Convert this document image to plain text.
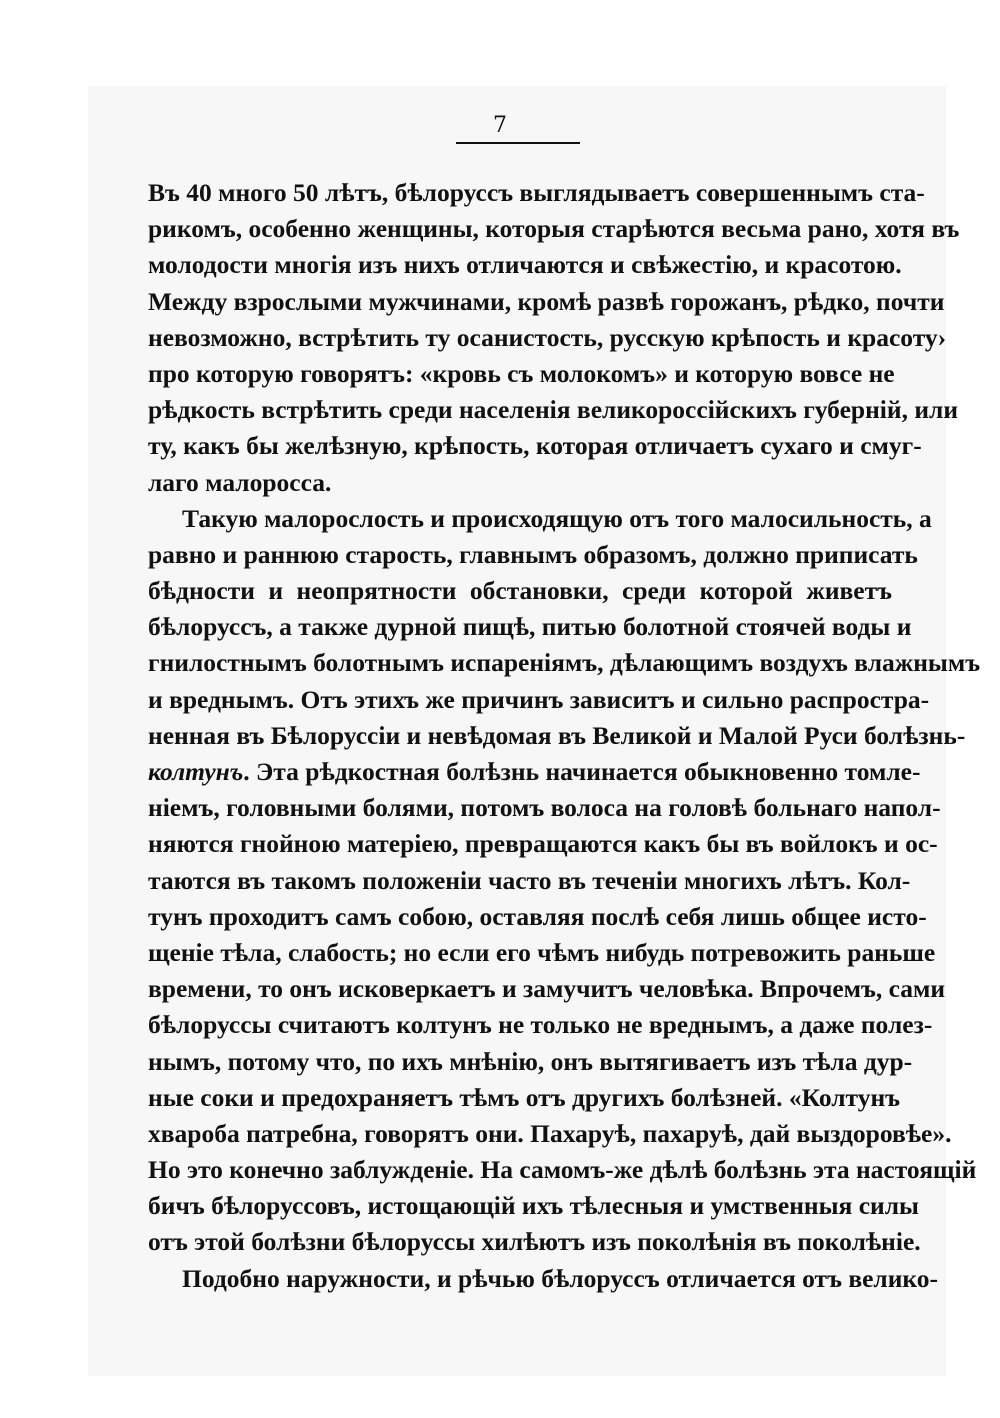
7
Въ 40 много 50 лѣтъ, бѣлоруссъ выглядываетъ совершеннымъ ста-
рикомъ, особенно женщины, которыя старѣются весьма рано, хотя въ
молодости многія изъ нихъ отличаются и свѣжестію, и красотою.
Между взрослыми мужчинами, кромѣ развѣ горожанъ, рѣдко, почти
невозможно, встрѣтить ту осанистость, русскую крѣпость и красоту›
про которую говорятъ: «кровь съ молокомъ» и которую вовсе не
рѣдкость встрѣтить среди населенія великороссійскихъ губерній, или
ту, какъ бы желѣзную, крѣпость, которая отличаетъ сухаго и смуг-
лаго малоросса.
Такую малорослость и происходящую отъ того малосильность, а
равно и раннюю старость, главнымъ образомъ, должно приписать
бѣдности и неопрятности обстановки, среди которой живетъ
бѣлоруссъ, а также дурной пищѣ, питью болотной стоячей воды и
гнилостнымъ болотнымъ испареніямъ, дѣлающимъ воздухъ влажнымъ
и вреднымъ. Отъ этихъ же причинъ зависитъ и сильно распростра-
ненная въ Бѣлоруссіи и невѣдомая въ Великой и Малой Руси болѣзнь-
колтунъ. Эта рѣдкостная болѣзнь начинается обыкновенно томле-
ніемъ, головными болями, потомъ волоса на головѣ больнаго напол-
няются гнойною матеріею, превращаются какъ бы въ войлокъ и ос-
таются въ такомъ положеніи часто въ теченіи многихъ лѣтъ. Кол-
тунъ проходитъ самъ собою, оставляя послѣ себя лишь общее исто-
щеніе тѣла, слабость; но если его чѣмъ нибудь потревожить раньше
времени, то онъ исковеркаетъ и замучитъ человѣка. Впрочемъ, сами
бѣлоруссы считаютъ колтунъ не только не вреднымъ, а даже полез-
нымъ, потому что, по ихъ мнѣнію, онъ вытягиваетъ изъ тѣла дур-
ные соки и предохраняетъ тѣмъ отъ другихъ болѣзней. «Колтунъ
хвароба патребна, говорятъ они. Пахаруѣ, пахаруѣ, дай выздоровѣе».
Но это конечно заблужденіе. На самомъ-же дѣлѣ болѣзнь эта настоящій
бичъ бѣлоруссовъ, истощающій ихъ тѣлесныя и умственныя силы
отъ этой болѣзни бѣлоруссы хилѣютъ изъ поколѣнія въ поколѣніе.
Подобно наружности, и рѣчью бѣлоруссъ отличается отъ велико-
